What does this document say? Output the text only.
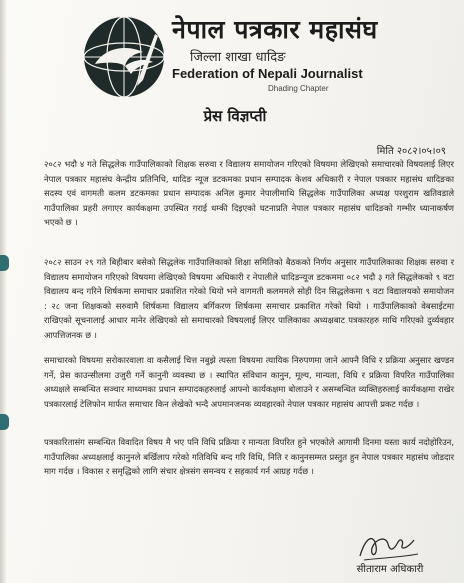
नेपाल पत्रकार महासंघ
जिल्ला शाखा धादिङ
Federation of Nepali Journalist
Dhading Chapter
प्रेस विज्ञप्ती
मिति २०८२।०५।०९

२०८२ भदौ ४ गते सिद्धलेक गाउँपालिकाको शिक्षक सरुवा र विद्यालय समायोजन गरिएको विषयमा लेखिएको समाचारको विषयलाई लिएर नेपाल पत्रकार महासंघ केन्द्रीय प्रतिनिधि, धादिङ न्यूज डटकमका प्रधान सम्पादक केशव अधिकारी र नेपाल पत्रकार महासंघ धादिङका सदस्य एवं वागमती कलम डटकमका प्रधान सम्पादक अनिल कुमार नेपालीमाथि सिद्धलेक गाउँपालिका अध्यक्ष परशुराम खतिवडाले गाउँपालिका प्रहरी लगाएर कार्यकक्षमा उपस्थित गराई धम्की दिइएको घटनाप्रति नेपाल पत्रकार महासंघ धादिङको गम्भीर ध्यानाकर्षण भएको छ ।

२०८२ साउन २९ गते बिहीबार बसेको सिद्धलेक गाउँपालिकाको शिक्षा समितिको बैठकको निर्णय अनुसार गाउँपालिकाका शिक्षक सरुवा र विद्यालय समायोजन गरिएको विषयमा लेखिएको विषयमा अधिकारी र नेपालीले धादिङन्यूज डटकममा ०८२ भदौ ३ गते सिद्धलेकको ९ वटा विद्यालय बन्द गरिने शिर्षकमा समाचार प्रकाशित गरेको थियो भने वागमती कलममले सोही दिन सिद्धलेकमा ९ वटा विद्यालयको समायोजन : २८ जना शिक्षकको सरुवामै शिर्षकमा विद्यालय बर्गिकरण शिर्षकमा समाचार प्रकाशित गरेको थियो । गाउँपालिकाको वेबसाईटमा राखिएको सूचनालाई आधार मानेर लेखिएको सो समाचारको विषयलाई लिएर पालिकाका अध्यक्षबाट पत्रकारहरु माथि गरिएको दुर्व्यवहार आपत्तिजनक छ ।

समाचारको विषयमा सरोकारवाला वा कसैलाई चित्त नबुझे त्यस्ता विषयमा त्यायिक निरुपणमा जाने आफ्नै विधि र प्रक्रिया अनुसार खण्डन गर्ने, प्रेस काउन्सीलमा उजुरी गर्ने कानुनी व्यवस्था छ । स्थापित संविधान कानुन, मूल्य, मान्यता, विधि र प्रक्रिया विपरित गाउँपालिका अध्यक्षले सम्बन्धित सञ्चार माध्यमका प्रधान सम्पादकहरुलाई आफ्नो कार्यकक्षमा बोलाउने र असम्बन्धित व्यक्तिहरुलाई कार्यकक्षमा राखेर पत्रकारलाई टेलिफोन मार्फत समाचार किन लेखेको भन्दै अपमानजनक व्यवहारको नेपाल पत्रकार महासंघ आपत्ती प्रकट गर्दछ ।

पत्रकारितासंग सम्बन्धित विवादित विषय मै भए पनि विधि प्रक्रिया र मान्यता विपरित हुने भएकोले आगामी दिनमा यस्ता कार्य नदोहोरिउन, गाउँपालिका अध्यक्षलाई कानुनले बर्खिलाप गरेको गतिविधि बन्द गरि विधि, निति र कानुनसम्मत प्रस्तुत हुन नेपाल पत्रकार महासंघ जोडदार माग गर्दछ । विकास र समृद्धिको लागि संचार क्षेत्रसंग समन्वय र सहकार्य गर्न आग्रह गर्दछ ।

सीताराम अधिकारी
